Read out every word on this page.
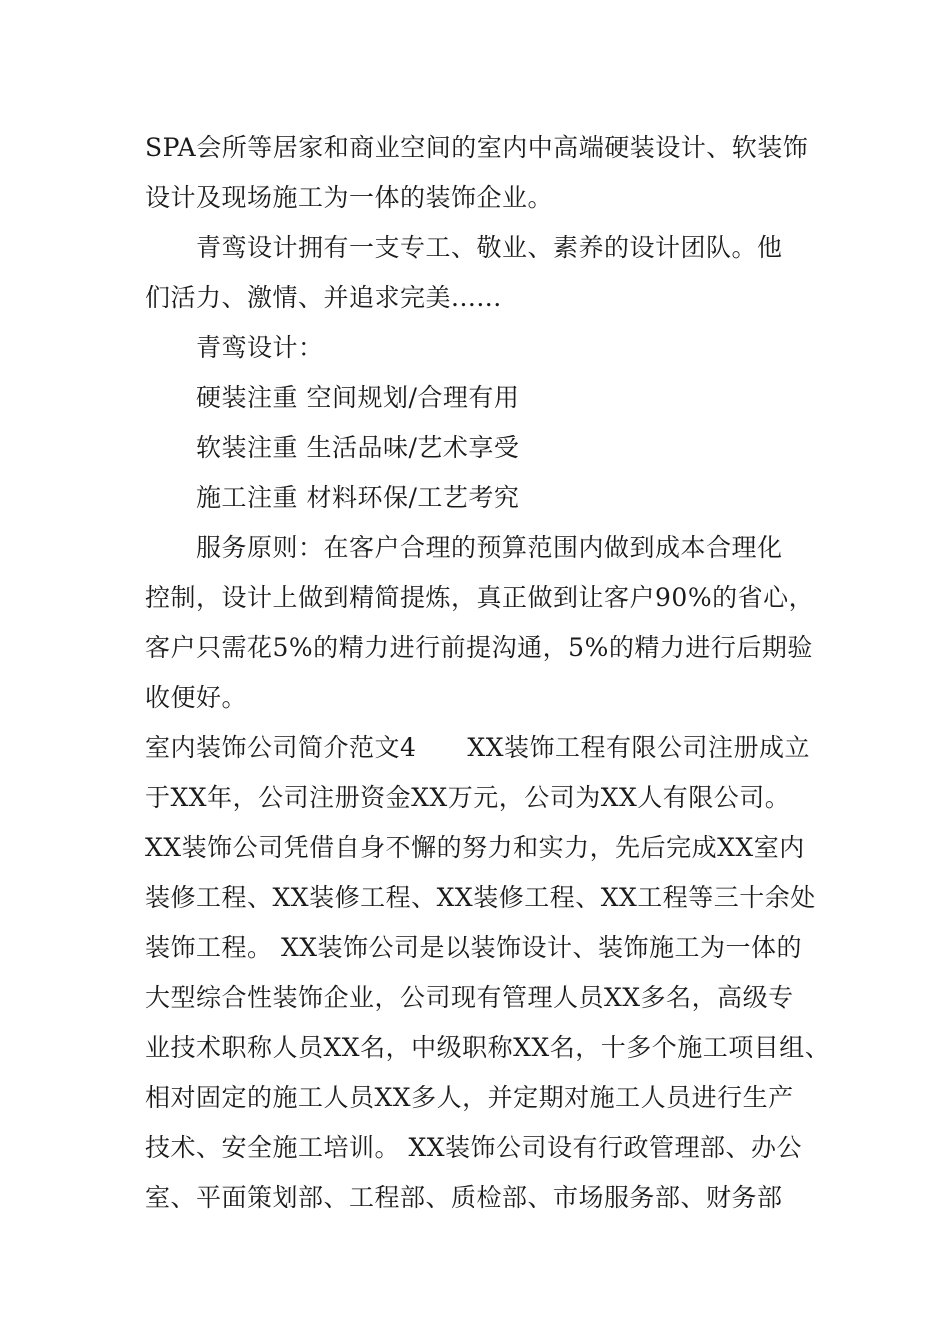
SPA会所等居家和商业空间的室内中高端硬装设计、软装饰
设计及现场施工为一体的装饰企业。
青鸾设计拥有一支专工、敬业、素养的设计团队。他
们活力、激情、并追求完美......
青鸾设计：
硬装注重 空间规划/合理有用
软装注重 生活品味/艺术享受
施工注重 材料环保/工艺考究
服务原则：在客户合理的预算范围内做到成本合理化
控制，设计上做到精简提炼，真正做到让客户90%的省心，
客户只需花5%的精力进行前提沟通，5%的精力进行后期验
收便好。
室内装饰公司简介范文4　　XX装饰工程有限公司注册成立
于XX年，公司注册资金XX万元，公司为XX人有限公司。
XX装饰公司凭借自身不懈的努力和实力，先后完成XX室内
装修工程、XX装修工程、XX装修工程、XX工程等三十余处
装饰工程。 XX装饰公司是以装饰设计、装饰施工为一体的
大型综合性装饰企业，公司现有管理人员XX多名，高级专
业技术职称人员XX名，中级职称XX名，十多个施工项目组、
相对固定的施工人员XX多人，并定期对施工人员进行生产
技术、安全施工培训。 XX装饰公司设有行政管理部、办公
室、平面策划部、工程部、质检部、市场服务部、财务部
